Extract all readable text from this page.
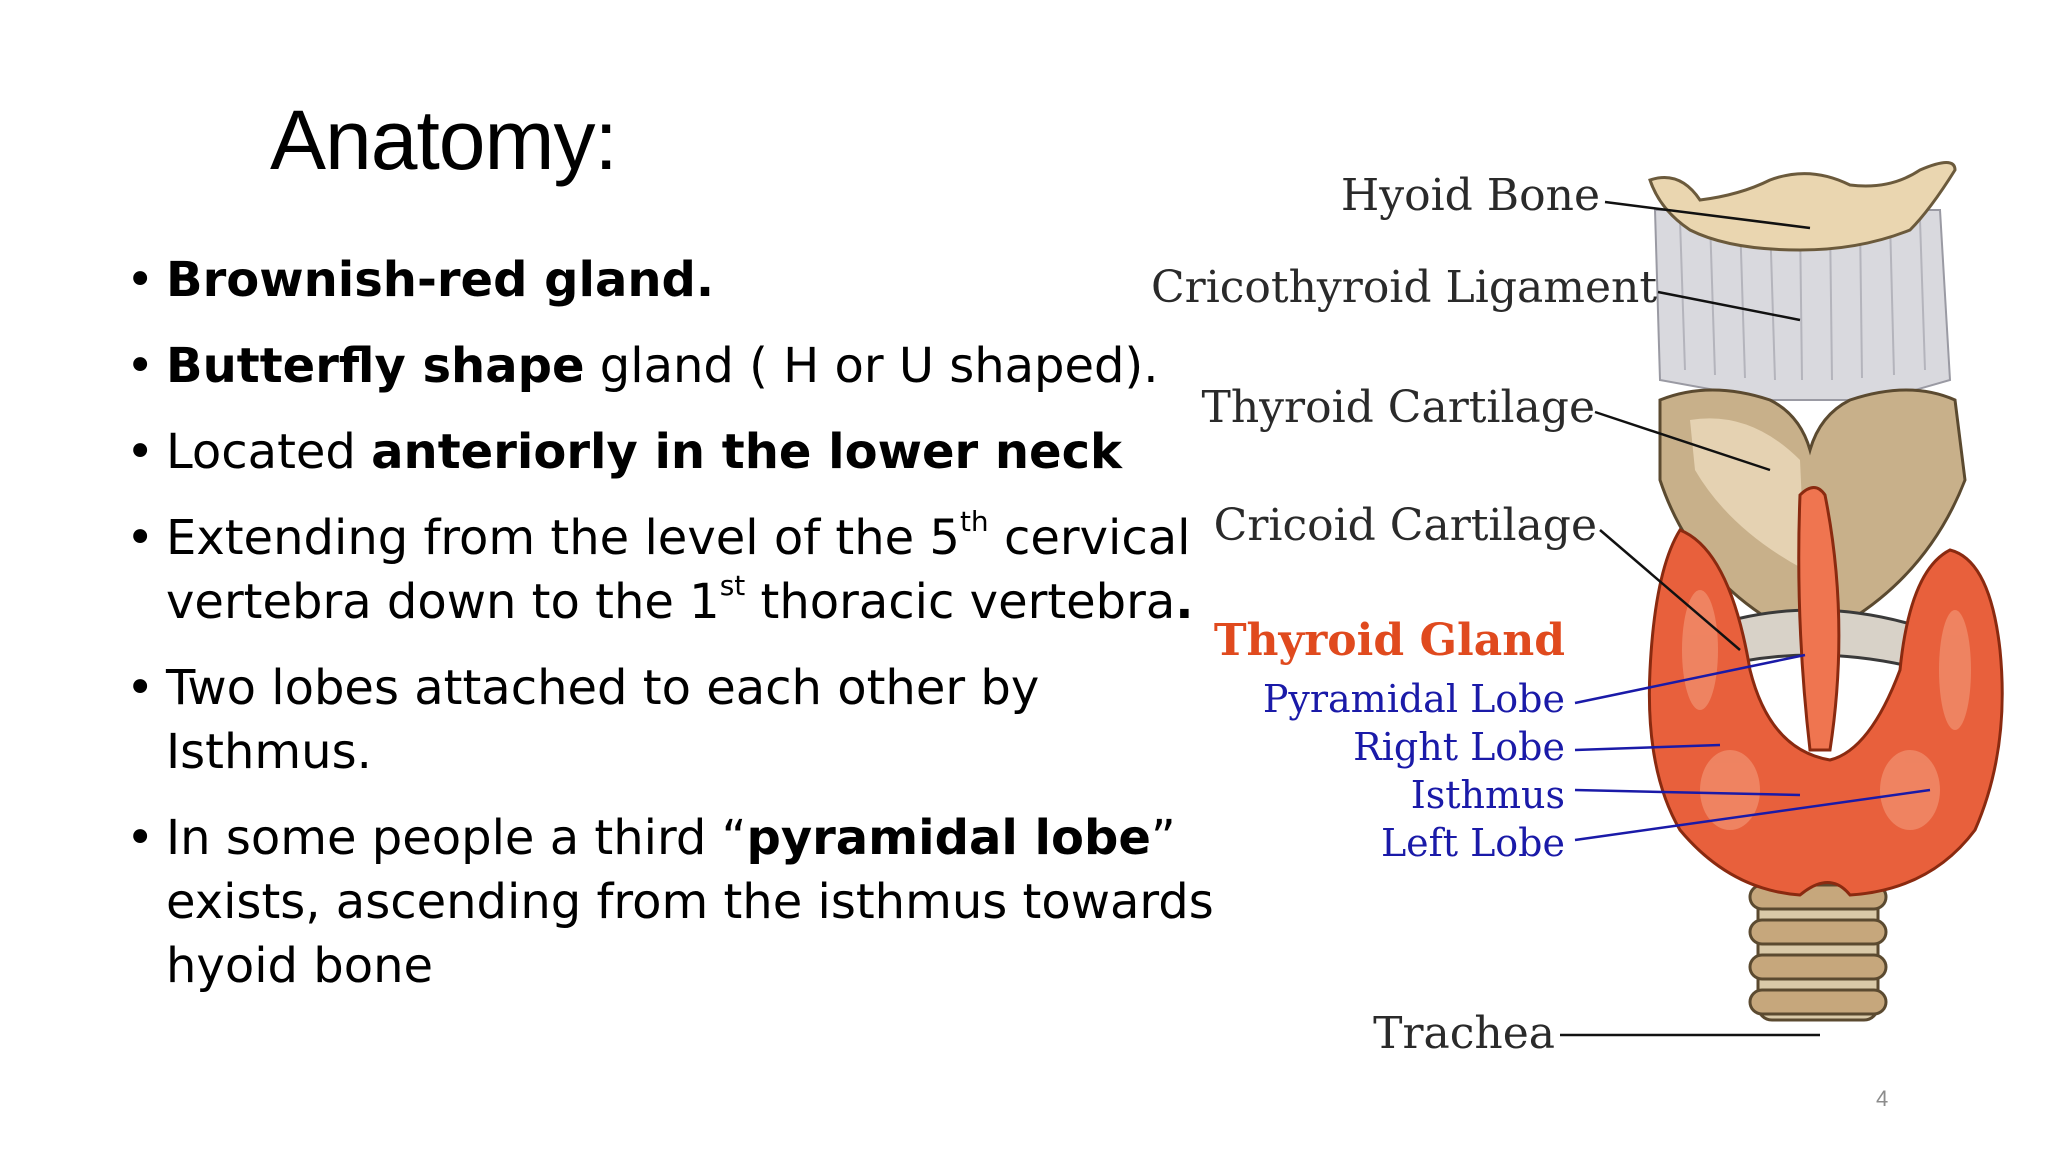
Anatomy:
• Brownish-red gland.
• Butterfly shape gland ( H or U shaped).
• Located anteriorly in the lower neck
• Extending from the level of the 5th cervical vertebra down to the 1st thoracic vertebra.
• Two lobes attached to each other by Isthmus.
• In some people a third “pyramidal lobe” exists, ascending from the isthmus towards hyoid bone
Hyoid Bone
Cricothyroid Ligament
Thyroid Cartilage
Cricoid Cartilage
Thyroid Gland
Pyramidal Lobe
Right Lobe
Isthmus
Left Lobe
Trachea
4
